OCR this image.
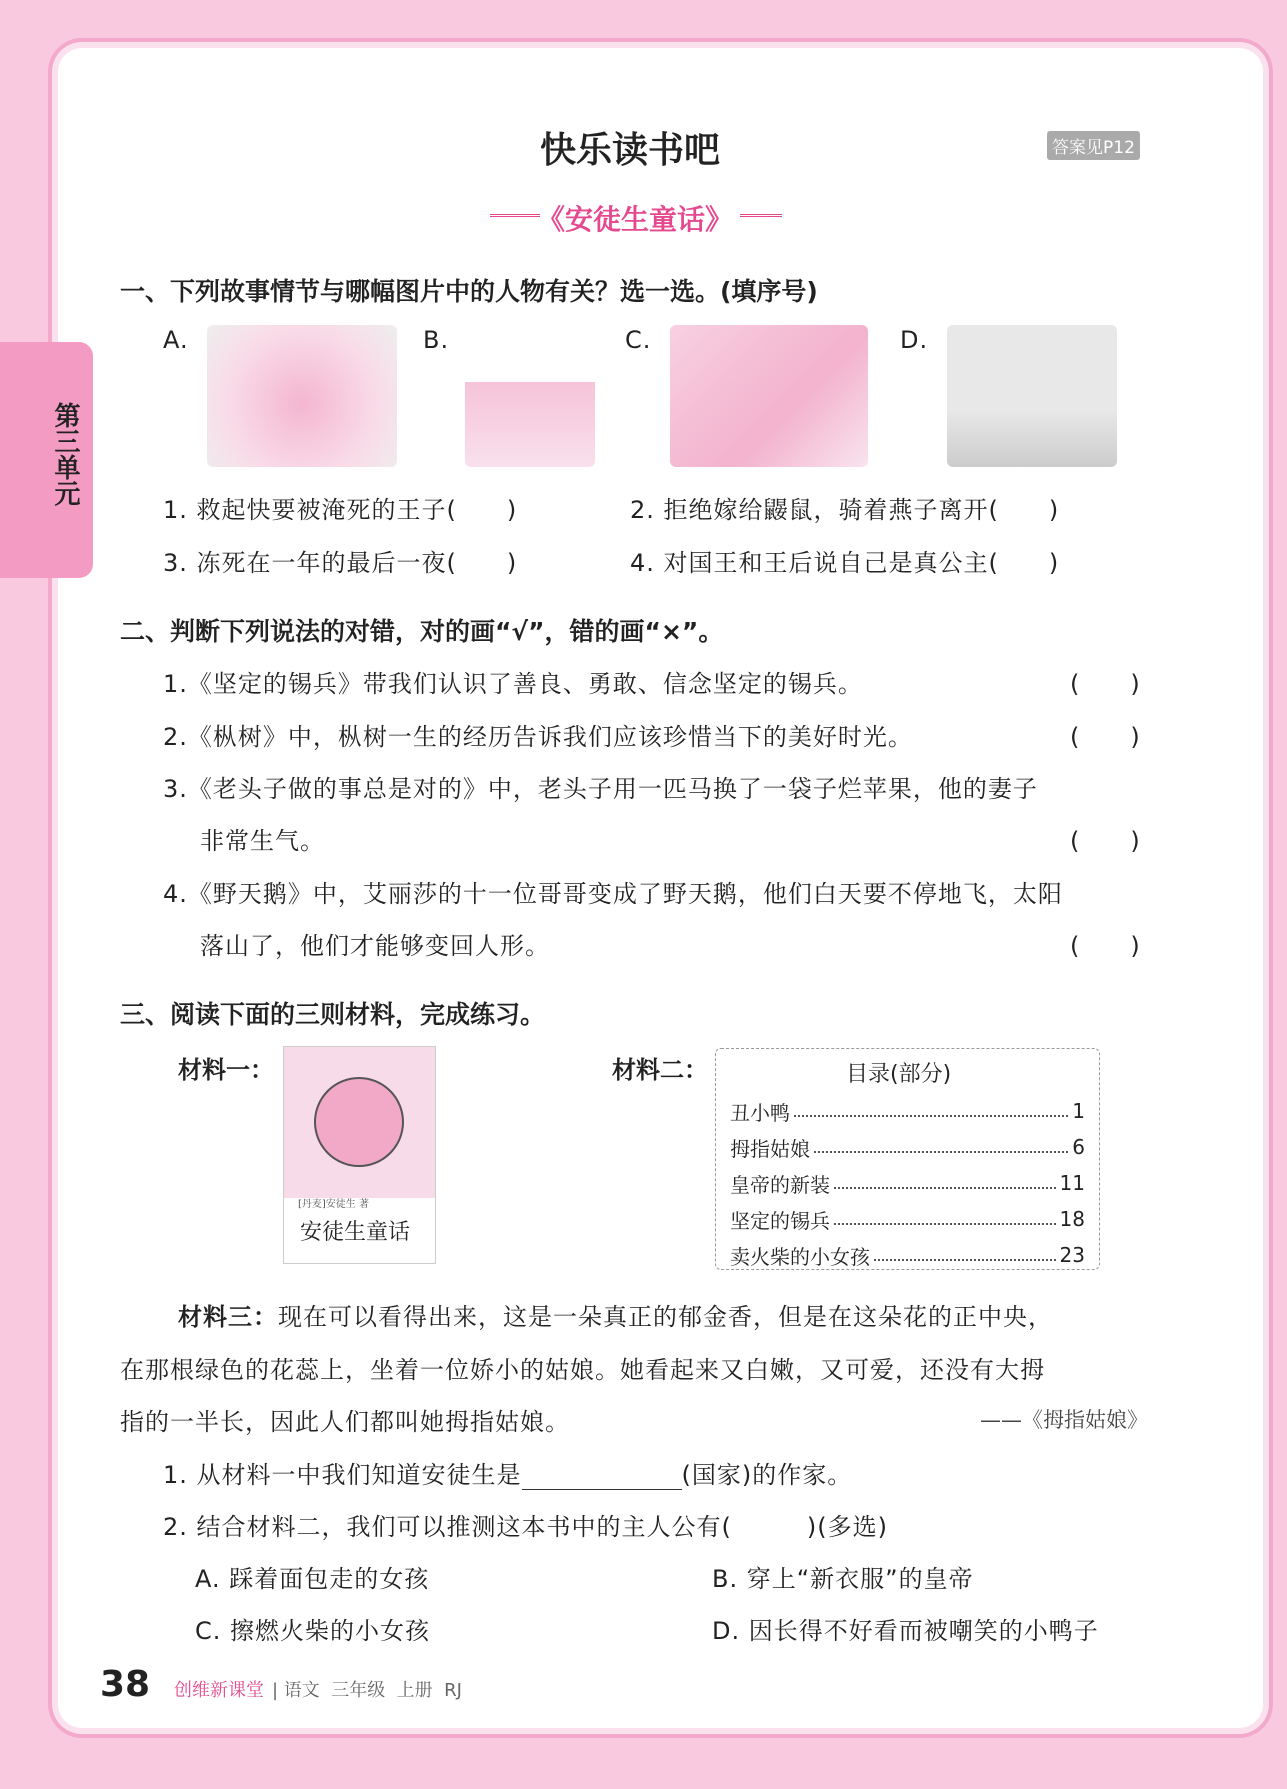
第三单元
快乐读书吧	答案见P12
《安徒生童话》
一、下列故事情节与哪幅图片中的人物有关？选一选。(填序号)
A.	B.	C.	D.
1. 救起快要被淹死的王子(　　)	2. 拒绝嫁给鼹鼠，骑着燕子离开(　　)
3. 冻死在一年的最后一夜(　　)	4. 对国王和王后说自己是真公主(　　)
二、判断下列说法的对错，对的画“√”，错的画“×”。
1.《坚定的锡兵》带我们认识了善良、勇敢、信念坚定的锡兵。	(　　)
2.《枞树》中，枞树一生的经历告诉我们应该珍惜当下的美好时光。	(　　)
3.《老头子做的事总是对的》中，老头子用一匹马换了一袋子烂苹果，他的妻子
非常生气。	(　　)
4.《野天鹅》中，艾丽莎的十一位哥哥变成了野天鹅，他们白天要不停地飞，太阳
落山了，他们才能够变回人形。	(　　)
三、阅读下面的三则材料，完成练习。
材料一：
[丹麦]安徒生 著
安徒生童话
材料二：	目录(部分)
丑小鸭	1
拇指姑娘	6
皇帝的新装	11
坚定的锡兵	18
卖火柴的小女孩	23
材料三：现在可以看得出来，这是一朵真正的郁金香，但是在这朵花的正中央，
在那根绿色的花蕊上，坐着一位娇小的姑娘。她看起来又白嫩，又可爱，还没有大拇
指的一半长，因此人们都叫她拇指姑娘。	——《拇指姑娘》
1. 从材料一中我们知道安徒生是	(国家)的作家。
2. 结合材料二，我们可以推测这本书中的主人公有(　　　)(多选)
A. 踩着面包走的女孩	B. 穿上“新衣服”的皇帝
C. 擦燃火柴的小女孩	D. 因长得不好看而被嘲笑的小鸭子
38 创维新课堂 | 语文  三年级  上册  RJ
